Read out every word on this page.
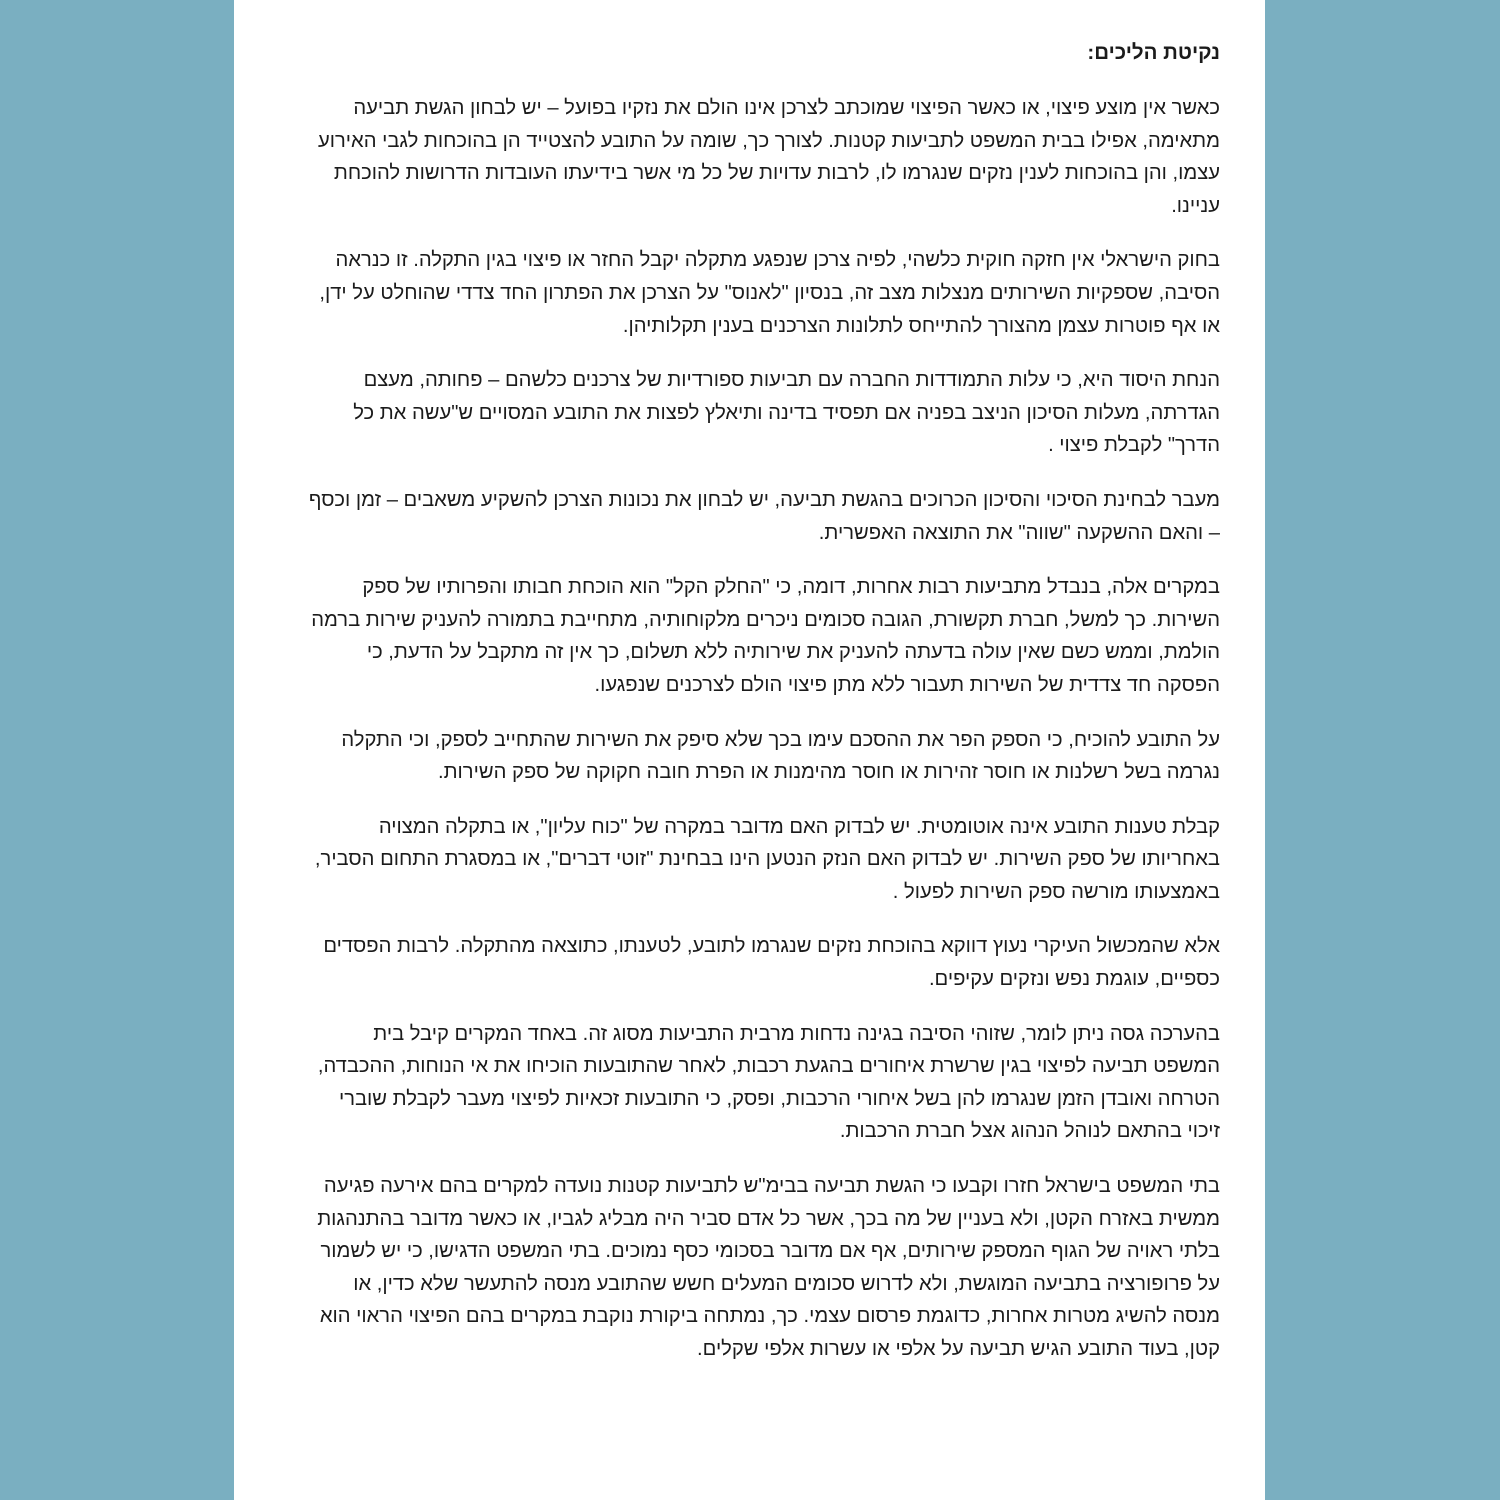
נקיטת הליכים:

כאשר אין מוצע פיצוי, או כאשר הפיצוי שמוכתב לצרכן אינו הולם את נזקיו בפועל – יש לבחון הגשת תביעה מתאימה, אפילו בבית המשפט לתביעות קטנות. לצורך כך, שומה על התובע להצטייד הן בהוכחות לגבי האירוע עצמו, והן בהוכחות לענין נזקים שנגרמו לו, לרבות עדויות של כל מי אשר בידיעתו העובדות הדרושות להוכחת עניינו.

בחוק הישראלי אין חזקה חוקית כלשהי, לפיה צרכן שנפגע מתקלה יקבל החזר או פיצוי בגין התקלה. זו כנראה הסיבה, שספקיות השירותים מנצלות מצב זה, בנסיון "לאנוס" על הצרכן את הפתרון החד צדדי שהוחלט על ידן, או אף פוטרות עצמן מהצורך להתייחס לתלונות הצרכנים בענין תקלותיהן.

הנחת היסוד היא, כי עלות התמודדות החברה עם תביעות ספורדיות של צרכנים כלשהם – פחותה, מעצם הגדרתה, מעלות הסיכון הניצב בפניה אם תפסיד בדינה ותיאלץ לפצות את התובע המסויים ש"עשה את כל הדרך" לקבלת פיצוי .

מעבר לבחינת הסיכוי והסיכון הכרוכים בהגשת תביעה, יש לבחון את נכונות הצרכן להשקיע משאבים – זמן וכסף – והאם ההשקעה "שווה" את התוצאה האפשרית.

במקרים אלה, בנבדל מתביעות רבות אחרות, דומה, כי "החלק הקל" הוא הוכחת חבותו והפרותיו של ספק השירות. כך למשל, חברת תקשורת, הגובה סכומים ניכרים מלקוחותיה, מתחייבת בתמורה להעניק שירות ברמה הולמת, וממש כשם שאין עולה בדעתה להעניק את שירותיה ללא תשלום, כך אין זה מתקבל על הדעת, כי הפסקה חד צדדית של השירות תעבור ללא מתן פיצוי הולם לצרכנים שנפגעו.

על התובע להוכיח, כי הספק הפר את ההסכם עימו בכך שלא סיפק את השירות שהתחייב לספק, וכי התקלה נגרמה בשל רשלנות או חוסר זהירות או חוסר מהימנות או הפרת חובה חקוקה של ספק השירות.

קבלת טענות התובע אינה אוטומטית. יש לבדוק האם מדובר במקרה של "כוח עליון", או בתקלה המצויה באחריותו של ספק השירות. יש לבדוק האם הנזק הנטען הינו בבחינת "זוטי דברים", או במסגרת התחום הסביר, באמצעותו מורשה ספק השירות לפעול .

אלא שהמכשול העיקרי נעוץ דווקא בהוכחת נזקים שנגרמו לתובע, לטענתו, כתוצאה מהתקלה. לרבות הפסדים כספיים, עוגמת נפש ונזקים עקיפים.

בהערכה גסה ניתן לומר, שזוהי הסיבה בגינה נדחות מרבית התביעות מסוג זה. באחד המקרים קיבל בית המשפט תביעה לפיצוי בגין שרשרת איחורים בהגעת רכבות, לאחר שהתובעות הוכיחו את אי הנוחות, ההכבדה, הטרחה ואובדן הזמן שנגרמו להן בשל איחורי הרכבות, ופסק, כי התובעות זכאיות לפיצוי מעבר לקבלת שוברי זיכוי בהתאם לנוהל הנהוג אצל חברת הרכבות.

בתי המשפט בישראל חזרו וקבעו כי הגשת תביעה בבימ"ש לתביעות קטנות נועדה למקרים בהם אירעה פגיעה ממשית באזרח הקטן, ולא בעניין של מה בכך, אשר כל אדם סביר היה מבליג לגביו, או כאשר מדובר בהתנהגות בלתי ראויה של הגוף המספק שירותים, אף אם מדובר בסכומי כסף נמוכים. בתי המשפט הדגישו, כי יש לשמור על פרופורציה בתביעה המוגשת, ולא לדרוש סכומים המעלים חשש שהתובע מנסה להתעשר שלא כדין, או מנסה להשיג מטרות אחרות, כדוגמת פרסום עצמי. כך, נמתחה ביקורת נוקבת במקרים בהם הפיצוי הראוי הוא קטן, בעוד התובע הגיש תביעה על אלפי או עשרות אלפי שקלים.
